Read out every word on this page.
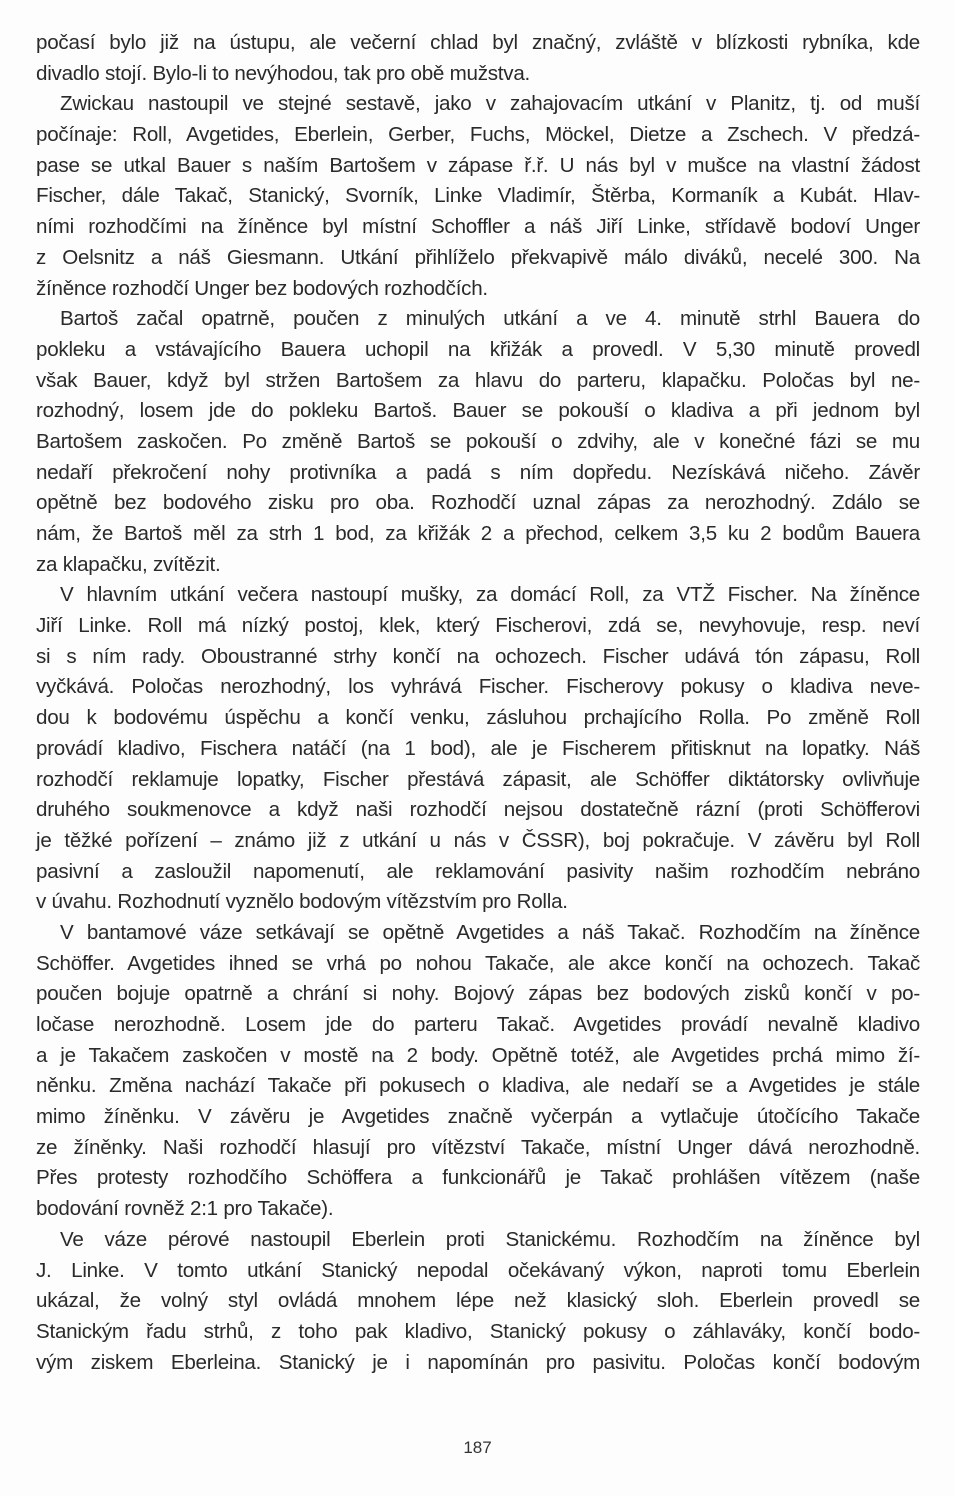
počasí bylo již na ústupu, ale večerní chlad byl značný, zvláště v blízkosti rybníka, kde
divadlo stojí. Bylo-li to nevýhodou, tak pro obě mužstva.
Zwickau nastoupil ve stejné sestavě, jako v zahajovacím utkání v Planitz, tj. od muší
počínaje: Roll, Avgetides, Eberlein, Gerber, Fuchs, Möckel, Dietze a Zschech. V předzá-
pase se utkal Bauer s naším Bartošem v zápase ř.ř. U nás byl v mušce na vlastní žádost
Fischer, dále Takač, Stanický, Svorník, Linke Vladimír, Štěrba, Kormaník a Kubát. Hlav-
ními rozhodčími na žíněnce byl místní Schoffler a náš Jiří Linke, střídavě bodoví Unger
z Oelsnitz a náš Giesmann. Utkání přihlíželo překvapivě málo diváků, necelé 300. Na
žíněnce rozhodčí Unger bez bodových rozhodčích.
Bartoš začal opatrně, poučen z minulých utkání a ve 4. minutě strhl Bauera do
pokleku a vstávajícího Bauera uchopil na křižák a provedl. V 5,30 minutě provedl
však Bauer, když byl stržen Bartošem za hlavu do parteru, klapačku. Poločas byl ne-
rozhodný, losem jde do pokleku Bartoš. Bauer se pokouší o kladiva a při jednom byl
Bartošem zaskočen. Po změně Bartoš se pokouší o zdvihy, ale v konečné fázi se mu
nedaří překročení nohy protivníka a padá s ním dopředu. Nezískává ničeho. Závěr
opětně bez bodového zisku pro oba. Rozhodčí uznal zápas za nerozhodný. Zdálo se
nám, že Bartoš měl za strh 1 bod, za křižák 2 a přechod, celkem 3,5 ku 2 bodům Bauera
za klapačku, zvítězit.
V hlavním utkání večera nastoupí mušky, za domácí Roll, za VTŽ Fischer. Na žíněnce
Jiří Linke. Roll má nízký postoj, klek, který Fischerovi, zdá se, nevyhovuje, resp. neví
si s ním rady. Oboustranné strhy končí na ochozech. Fischer udává tón zápasu, Roll
vyčkává. Poločas nerozhodný, los vyhrává Fischer. Fischerovy pokusy o kladiva neve-
dou k bodovému úspěchu a končí venku, zásluhou prchajícího Rolla. Po změně Roll
provádí kladivo, Fischera natáčí (na 1 bod), ale je Fischerem přitisknut na lopatky. Náš
rozhodčí reklamuje lopatky, Fischer přestává zápasit, ale Schöffer diktátorsky ovlivňuje
druhého soukmenovce a když naši rozhodčí nejsou dostatečně rázní (proti Schöfferovi
je těžké pořízení – známo již z utkání u nás v ČSSR), boj pokračuje. V závěru byl Roll
pasivní a zasloužil napomenutí, ale reklamování pasivity našim rozhodčím nebráno
v úvahu. Rozhodnutí vyznělo bodovým vítězstvím pro Rolla.
V bantamové váze setkávají se opětně Avgetides a náš Takač. Rozhodčím na žíněnce
Schöffer. Avgetides ihned se vrhá po nohou Takače, ale akce končí na ochozech. Takač
poučen bojuje opatrně a chrání si nohy. Bojový zápas bez bodových zisků končí v po-
ločase nerozhodně. Losem jde do parteru Takač. Avgetides provádí nevalně kladivo
a je Takačem zaskočen v mostě na 2 body. Opětně totéž, ale Avgetides prchá mimo ží-
něnku. Změna nachází Takače při pokusech o kladiva, ale nedaří se a Avgetides je stále
mimo žíněnku. V závěru je Avgetides značně vyčerpán a vytlačuje útočícího Takače
ze žíněnky. Naši rozhodčí hlasují pro vítězství Takače, místní Unger dává nerozhodně.
Přes protesty rozhodčího Schöffera a funkcionářů je Takač prohlášen vítězem (naše
bodování rovněž 2:1 pro Takače).
Ve váze pérové nastoupil Eberlein proti Stanickému. Rozhodčím na žíněnce byl
J. Linke. V tomto utkání Stanický nepodal očekávaný výkon, naproti tomu Eberlein
ukázal, že volný styl ovládá mnohem lépe než klasický sloh. Eberlein provedl se
Stanickým řadu strhů, z toho pak kladivo, Stanický pokusy o záhlaváky, končí bodo-
vým ziskem Eberleina. Stanický je i napomínán pro pasivitu. Poločas končí bodovým
187
